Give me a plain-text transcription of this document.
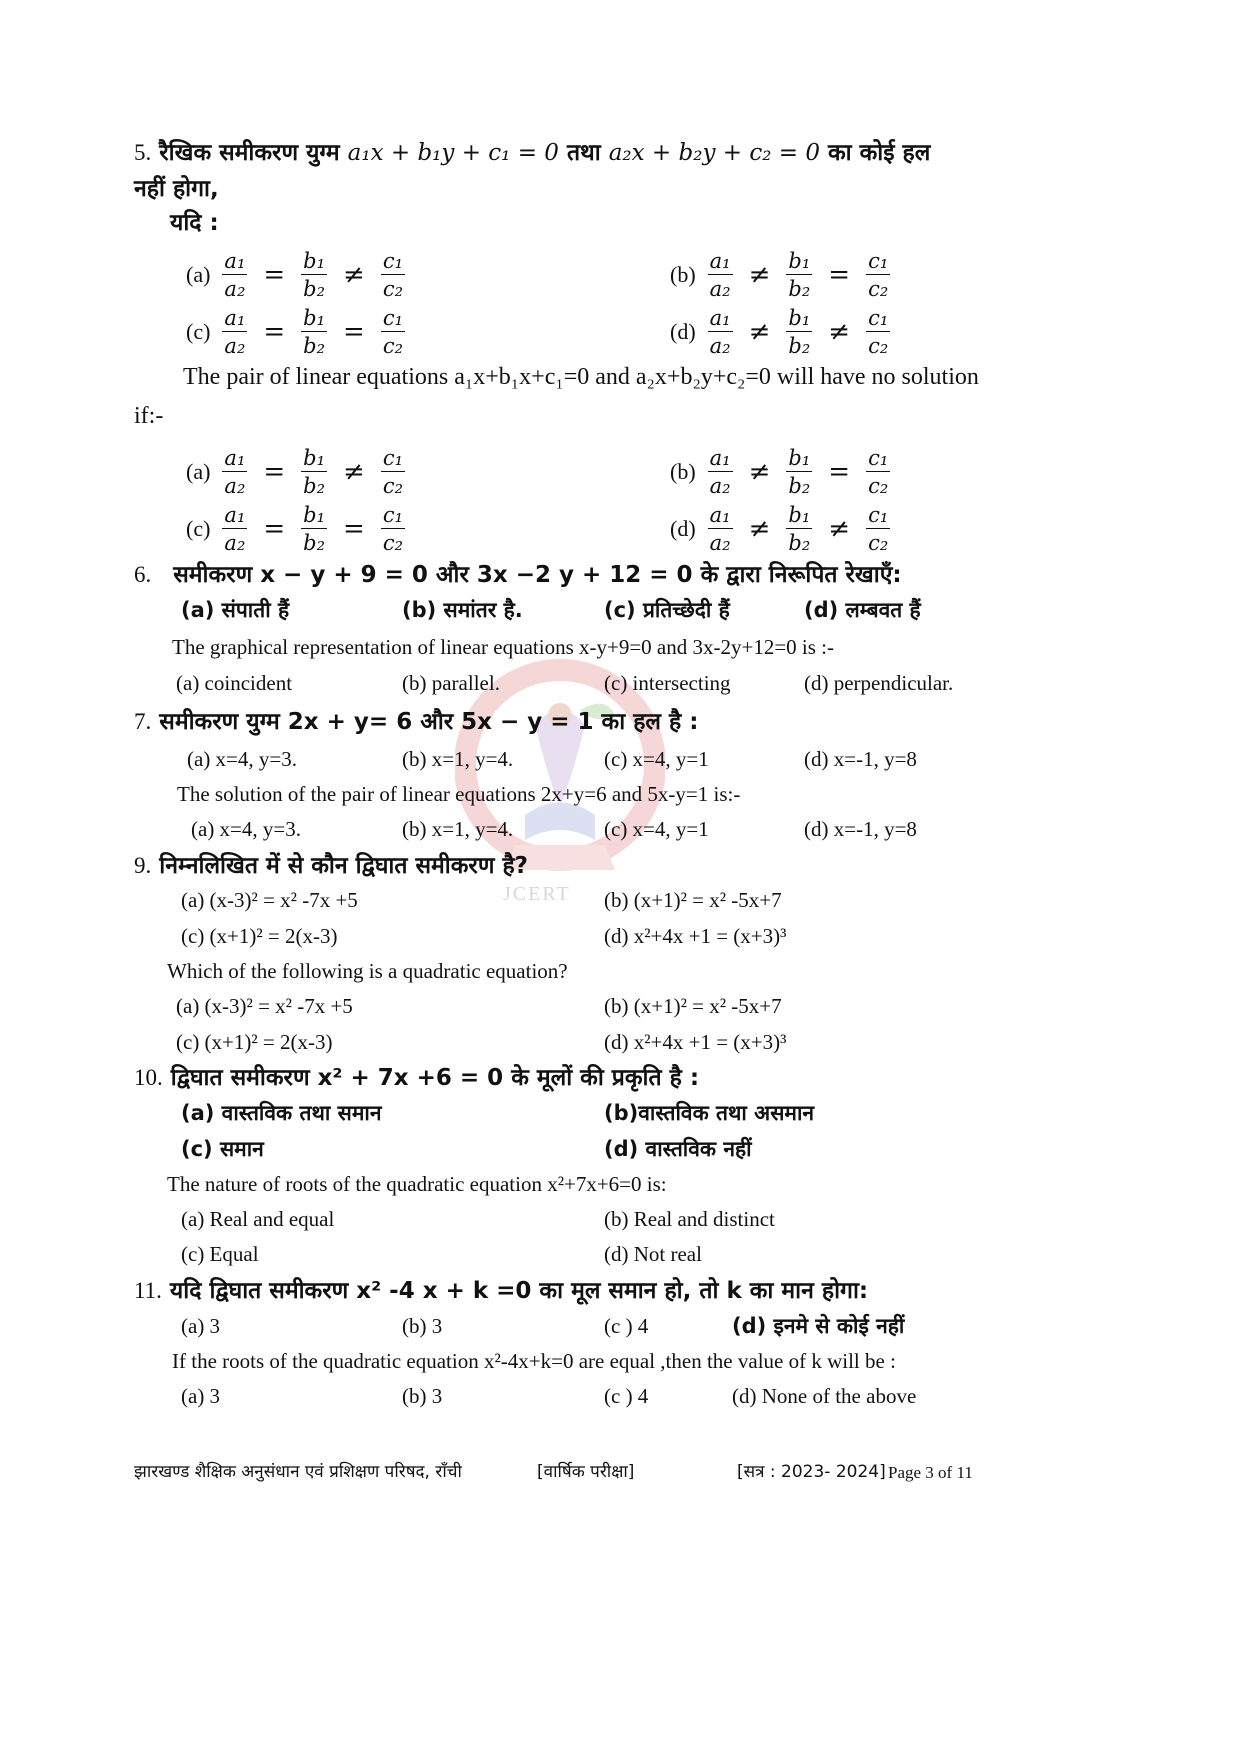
JCERT
5. रैखिक समीकरण युग्म a₁x + b₁y + c₁ = 0 तथा a₂x + b₂y + c₂ = 0 का कोई हल
नहीं होगा,
यदि :
$(a) \frac{\text{a₁}}{\text{a₂}} = \frac{\text{b₁}}{\text{b₂}} \ne \frac{\text{c₁}}{\text{c₂}}$	$(b) \frac{\text{a₁}}{\text{a₂}} \ne \frac{\text{b₁}}{\text{b₂}} = \frac{\text{c₁}}{\text{c₂}}$
$(c) \frac{\text{a₁}}{\text{a₂}} = \frac{\text{b₁}}{\text{b₂}} = \frac{\text{c₁}}{\text{c₂}}$	$(d) \frac{\text{a₁}}{\text{a₂}} \ne \frac{\text{b₁}}{\text{b₂}} \ne \frac{\text{c₁}}{\text{c₂}}$
The pair of linear equations a₁x+b₁x+c₁=0 and a₂x+b₂y+c₂=0 will have no solution
if:-
$(a) \frac{\text{a₁}}{\text{a₂}} = \frac{\text{b₁}}{\text{b₂}} \ne \frac{\text{c₁}}{\text{c₂}}$	$(b) \frac{\text{a₁}}{\text{a₂}} \ne \frac{\text{b₁}}{\text{b₂}} = \frac{\text{c₁}}{\text{c₂}}$
$(c) \frac{\text{a₁}}{\text{a₂}} = \frac{\text{b₁}}{\text{b₂}} = \frac{\text{c₁}}{\text{c₂}}$	$(d) \frac{\text{a₁}}{\text{a₂}} \ne \frac{\text{b₁}}{\text{b₂}} \ne \frac{\text{c₁}}{\text{c₂}}$
6. समीकरण x − y + 9 = 0 और 3x −2 y + 12 = 0 के द्वारा निरूपित रेखाएँ:
(a) संपाती हैं	(b) समांतर है.	(c) प्रतिच्छेदी हैं	(d) लम्बवत हैं
The graphical representation of linear equations x-y+9=0 and 3x-2y+12=0 is :-
(a) coincident	(b) parallel.	(c) intersecting	(d) perpendicular.
7. समीकरण युग्म 2x + y= 6 और 5x − y = 1 का हल है :
(a) x=4, y=3.	(b) x=1, y=4.	(c) x=4, y=1	(d) x=-1, y=8
The solution of the pair of linear equations 2x+y=6 and 5x-y=1 is:-
(a) x=4, y=3.	(b) x=1, y=4.	(c) x=4, y=1	(d) x=-1, y=8
9. निम्नलिखित में से कौन द्विघात समीकरण है?
(a) (x-3)² = x² -7x +5	(b) (x+1)² = x² -5x+7
(c) (x+1)² = 2(x-3)	(d) x²+4x +1 = (x+3)³
Which of the following is a quadratic equation?
(a) (x-3)² = x² -7x +5	(b) (x+1)² = x² -5x+7
(c) (x+1)² = 2(x-3)	(d) x²+4x +1 = (x+3)³
10. द्विघात समीकरण x² + 7x +6 = 0 के मूलों की प्रकृति है :
(a) वास्तविक तथा समान	(b)वास्तविक तथा असमान
(c) समान	(d) वास्तविक नहीं
The nature of roots of the quadratic equation x²+7x+6=0 is:
(a) Real and equal	(b) Real and distinct
(c) Equal	(d) Not real
11. यदि द्विघात समीकरण x² -4 x + k =0 का मूल समान हो, तो k का मान होगा:
(a) 3	(b) 3	(c ) 4	(d) इनमे से कोई नहीं
If the roots of the quadratic equation x²-4x+k=0 are equal ,then the value of k will be :
(a) 3	(b) 3	(c ) 4	(d) None of the above
झारखण्ड शैक्षिक अनुसंधान एवं प्रशिक्षण परिषद, राँची	[वार्षिक परीक्षा]	[सत्र : 2023- 2024] Page 3 of 11
